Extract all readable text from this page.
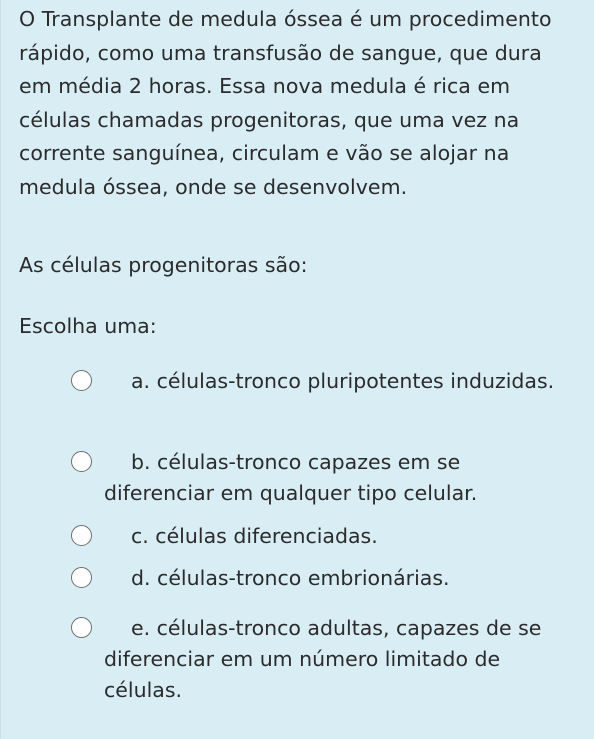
O Transplante de medula óssea é um procedimento rápido, como uma transfusão de sangue, que dura em média 2 horas. Essa nova medula é rica em células chamadas progenitoras, que uma vez na corrente sanguínea, circulam e vão se alojar na medula óssea, onde se desenvolvem.
As células progenitoras são:
Escolha uma:
a. células-tronco pluripotentes induzidas.
b. células-tronco capazes em se diferenciar em qualquer tipo celular.
c. células diferenciadas.
d. células-tronco embrionárias.
e. células-tronco adultas, capazes de se diferenciar em um número limitado de células.
